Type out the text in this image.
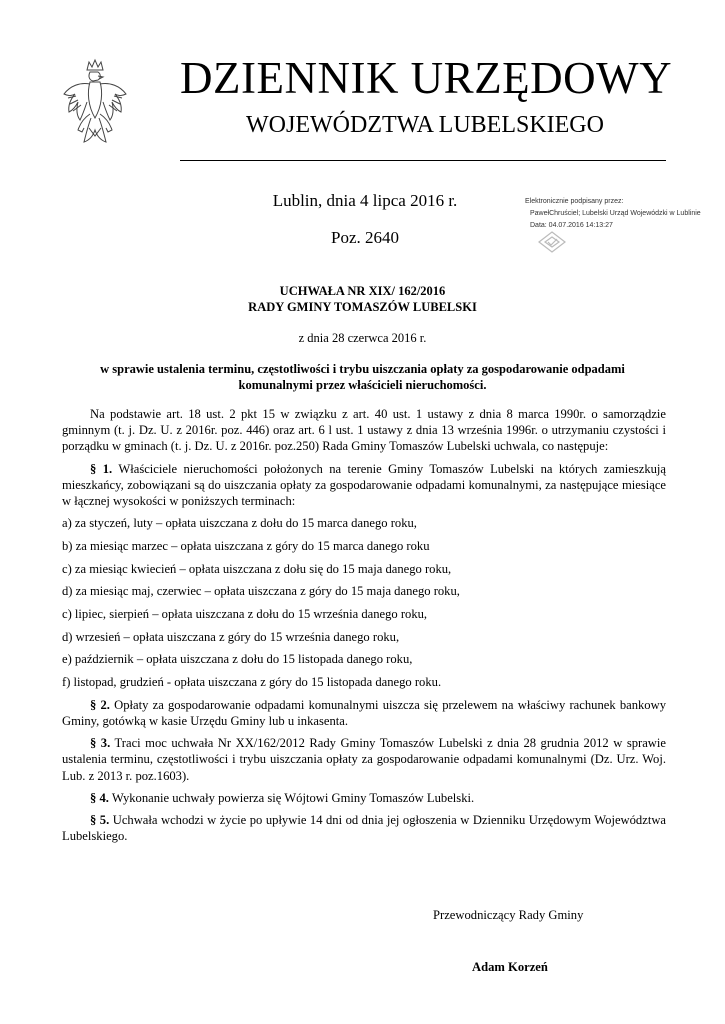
DZIENNIK URZĘDOWY
WOJEWÓDZTWA LUBELSKIEGO
Lublin, dnia 4 lipca 2016 r.
Poz. 2640
Elektronicznie podpisany przez:
PawełChruściel; Lubelski Urząd Wojewódzki w Lublinie
Data: 04.07.2016 14:13:27
UCHWAŁA NR XIX/ 162/2016
RADY GMINY TOMASZÓW LUBELSKI
z dnia 28 czerwca 2016 r.
w sprawie ustalenia terminu, częstotliwości i trybu uiszczania opłaty za gospodarowanie odpadami komunalnymi przez właścicieli nieruchomości.

Na podstawie art. 18 ust. 2 pkt 15 w związku z art. 40 ust. 1 ustawy z dnia 8 marca 1990r. o samorządzie gminnym (t. j. Dz. U. z 2016r. poz. 446) oraz art. 6 l ust. 1 ustawy z dnia 13 września 1996r. o utrzymaniu czystości i porządku w gminach (t. j. Dz. U. z 2016r. poz.250) Rada Gminy Tomaszów Lubelski uchwala, co następuje:

§ 1. Właściciele nieruchomości położonych na terenie Gminy Tomaszów Lubelski na których zamieszkują mieszkańcy, zobowiązani są do uiszczania opłaty za gospodarowanie odpadami komunalnymi, za następujące miesiące w łącznej wysokości w poniższych terminach:

a) za styczeń, luty – opłata uiszczana z dołu do 15 marca danego roku,
b) za miesiąc marzec – opłata uiszczana z góry do 15 marca danego roku
c) za miesiąc kwiecień – opłata uiszczana z dołu się do 15 maja danego roku,
d) za miesiąc maj, czerwiec – opłata uiszczana z góry do 15 maja danego roku,
c) lipiec, sierpień – opłata uiszczana z dołu do 15 września danego roku,
d) wrzesień – opłata uiszczana z góry do 15 września danego roku,
e) październik – opłata uiszczana z dołu do 15 listopada danego roku,
f) listopad, grudzień - opłata uiszczana z góry do 15 listopada danego roku.

§ 2. Opłaty za gospodarowanie odpadami komunalnymi uiszcza się przelewem na właściwy rachunek bankowy Gminy, gotówką w kasie Urzędu Gminy lub u inkasenta.

§ 3. Traci moc uchwała Nr XX/162/2012 Rady Gminy Tomaszów Lubelski z dnia 28 grudnia 2012 w sprawie ustalenia terminu, częstotliwości i trybu uiszczania opłaty za gospodarowanie odpadami komunalnymi (Dz. Urz. Woj. Lub. z 2013 r. poz.1603).

§ 4. Wykonanie uchwały powierza się Wójtowi Gminy Tomaszów Lubelski.

§ 5. Uchwała wchodzi w życie po upływie 14 dni od dnia jej ogłoszenia w Dzienniku Urzędowym Województwa Lubelskiego.

Przewodniczący Rady Gminy
Adam Korzeń
